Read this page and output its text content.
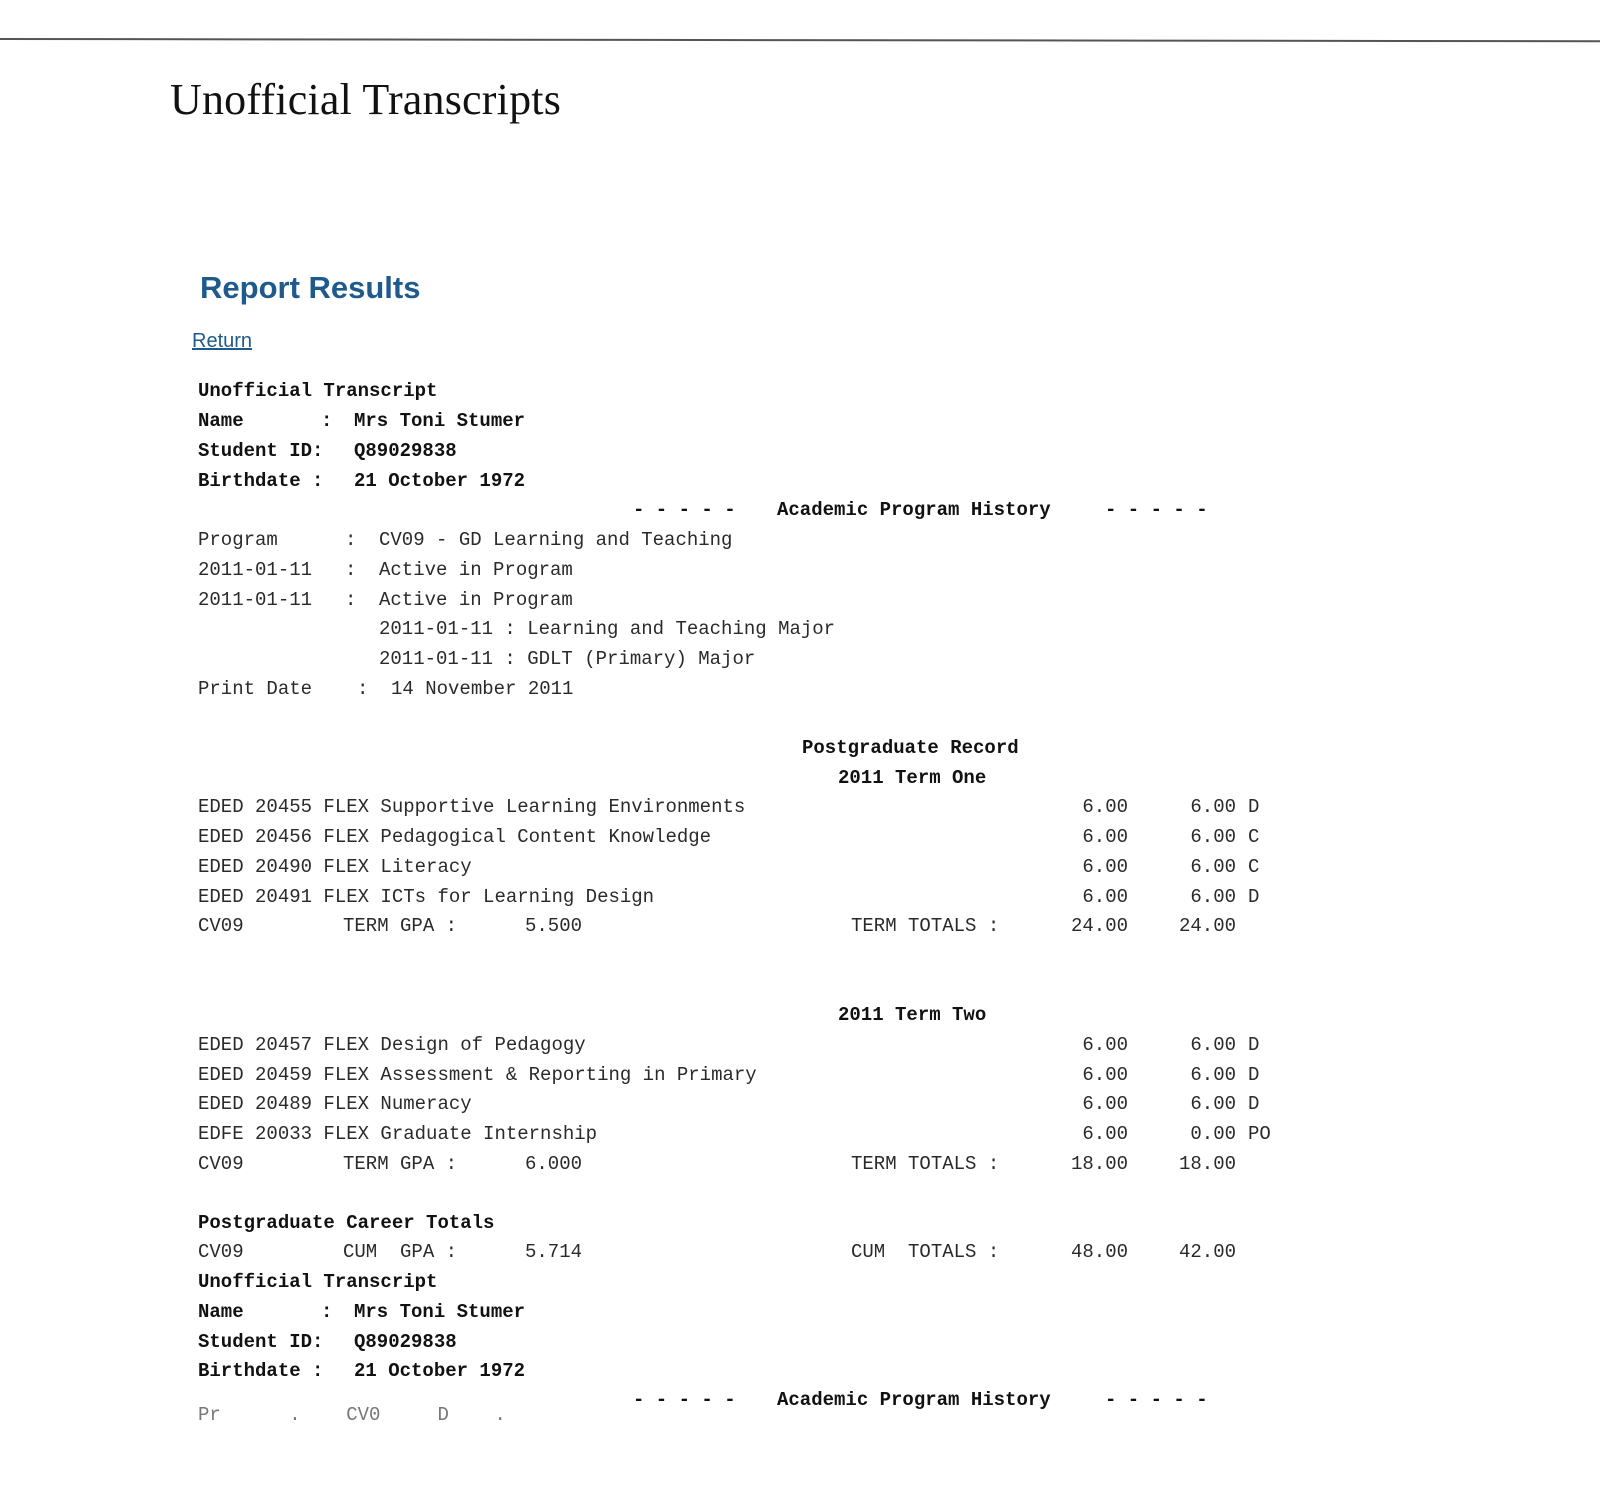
Unofficial Transcripts
Report Results
Return
Unofficial Transcript
Name	: Mrs Toni Stumer
Student ID: Q89029838
Birthdate : 21 October 1972
- - - - - Academic Program History	- - - - -
Program	: CV09 - GD Learning and Teaching
2011-01-11 : Active in Program
2011-01-11 : Active in Program
2011-01-11 : Learning and Teaching Major
2011-01-11 : GDLT (Primary) Major
Print Date : 14 November 2011
Postgraduate Record
2011 Term One
EDED 20455 FLEX Supportive Learning Environments	6.00	6.00 D
EDED 20456 FLEX Pedagogical Content Knowledge	6.00	6.00 C
EDED 20490 FLEX Literacy	6.00	6.00 C
EDED 20491 FLEX ICTs for Learning Design	6.00	6.00 D
CV09	TERM GPA :	5.500	TERM TOTALS :	24.00	24.00
2011 Term Two
EDED 20457 FLEX Design of Pedagogy	6.00	6.00 D
EDED 20459 FLEX Assessment & Reporting in Primary	6.00	6.00 D
EDED 20489 FLEX Numeracy	6.00	6.00 D
EDFE 20033 FLEX Graduate Internship	6.00	0.00 PO
CV09	TERM GPA :	6.000	TERM TOTALS :	18.00	18.00
Postgraduate Career Totals
CV09	CUM  GPA :	5.714	CUM  TOTALS :	48.00	42.00
Unofficial Transcript
Name	: Mrs Toni Stumer
Student ID: Q89029838
Birthdate : 21 October 1972
- - - - - Academic Program History	- - - - -
Pr      .    CV0     D    .
